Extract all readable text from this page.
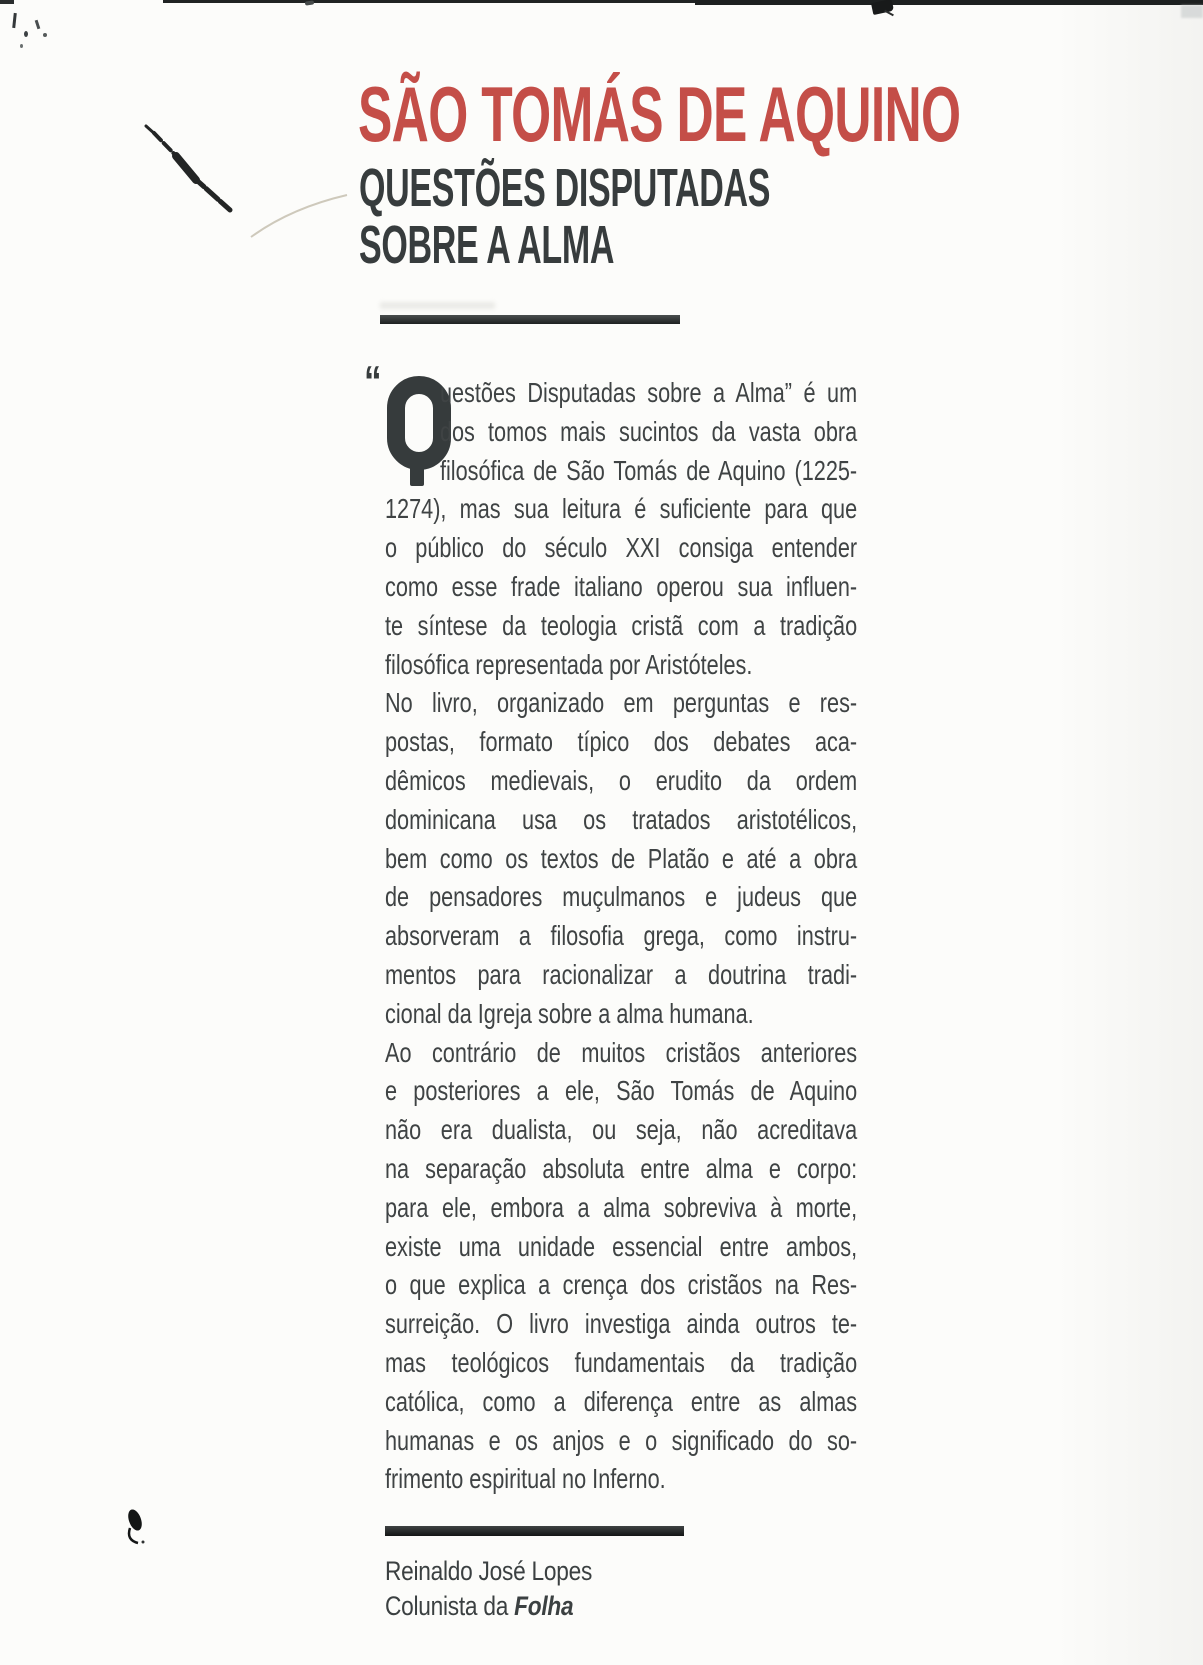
SÃO TOMÁS DE AQUINO
QUESTÕES DISPUTADAS
SOBRE A ALMA
“ uestões Disputadas sobre a Alma” é um
dos tomos mais sucintos da vasta obra
filosófica de São Tomás de Aquino (1225-
1274), mas sua leitura é suficiente para que
o público do século XXI consiga entender
como esse frade italiano operou sua influen-
te síntese da teologia cristã com a tradição
filosófica representada por Aristóteles.
No livro, organizado em perguntas e res-
postas, formato típico dos debates aca-
dêmicos medievais, o erudito da ordem
dominicana usa os tratados aristotélicos,
bem como os textos de Platão e até a obra
de pensadores muçulmanos e judeus que
absorveram a filosofia grega, como instru-
mentos para racionalizar a doutrina tradi-
cional da Igreja sobre a alma humana.
Ao contrário de muitos cristãos anteriores
e posteriores a ele, São Tomás de Aquino
não era dualista, ou seja, não acreditava
na separação absoluta entre alma e corpo:
para ele, embora a alma sobreviva à morte,
existe uma unidade essencial entre ambos,
o que explica a crença dos cristãos na Res-
surreição. O livro investiga ainda outros te-
mas teológicos fundamentais da tradição
católica, como a diferença entre as almas
humanas e os anjos e o significado do so-
frimento espiritual no Inferno.
Reinaldo José Lopes
Colunista da Folha
